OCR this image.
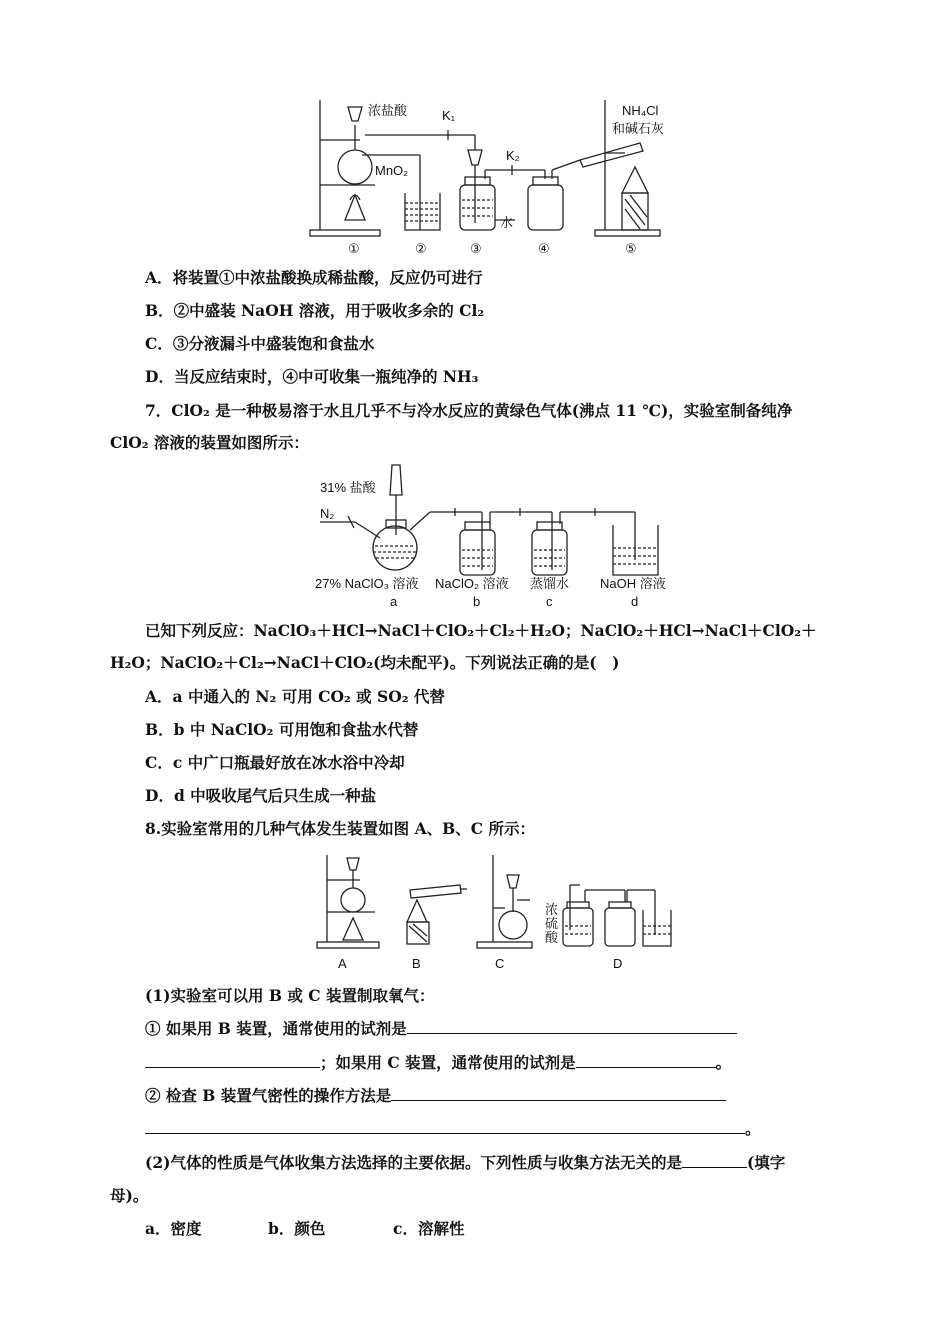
①	②	③	④	⑤
浓盐酸
MnO₂
K₁
K₂
水
NH₄Cl
和碱石灰
A．将装置①中浓盐酸换成稀盐酸，反应仍可进行
B．②中盛装 NaOH 溶液，用于吸收多余的 Cl₂
C．③分液漏斗中盛装饱和食盐水
D．当反应结束时，④中可收集一瓶纯净的 NH₃
7．ClO₂ 是一种极易溶于水且几乎不与冷水反应的黄绿色气体(沸点 11 ℃)，实验室制备纯净
ClO₂ 溶液的装置如图所示：
31% 盐酸
N₂
27% NaClO₃ 溶液 NaClO₂ 溶液 蒸馏水 NaOH 溶液
a	b	c	d
已知下列反应：NaClO₃＋HCl→NaCl＋ClO₂＋Cl₂＋H₂O；NaClO₂＋HCl→NaCl＋ClO₂＋
H₂O；NaClO₂＋Cl₂→NaCl＋ClO₂(均未配平)。下列说法正确的是(　)
A．a 中通入的 N₂ 可用 CO₂ 或 SO₂ 代替
B．b 中 NaClO₂ 可用饱和食盐水代替
C．c 中广口瓶最好放在冰水浴中冷却
D．d 中吸收尾气后只生成一种盐
8.实验室常用的几种气体发生装置如图 A、B、C 所示：
A	B	C	D
浓硫酸
(1)实验室可以用 B 或 C 装置制取氧气：
① 如果用 B 装置，通常使用的试剂是
；如果用 C 装置，通常使用的试剂是	。
② 检查 B 装置气密性的操作方法是
。
(2)气体的性质是气体收集方法选择的主要依据。下列性质与收集方法无关的是	(填字
母)。
a．密度	b．颜色	c．溶解性
